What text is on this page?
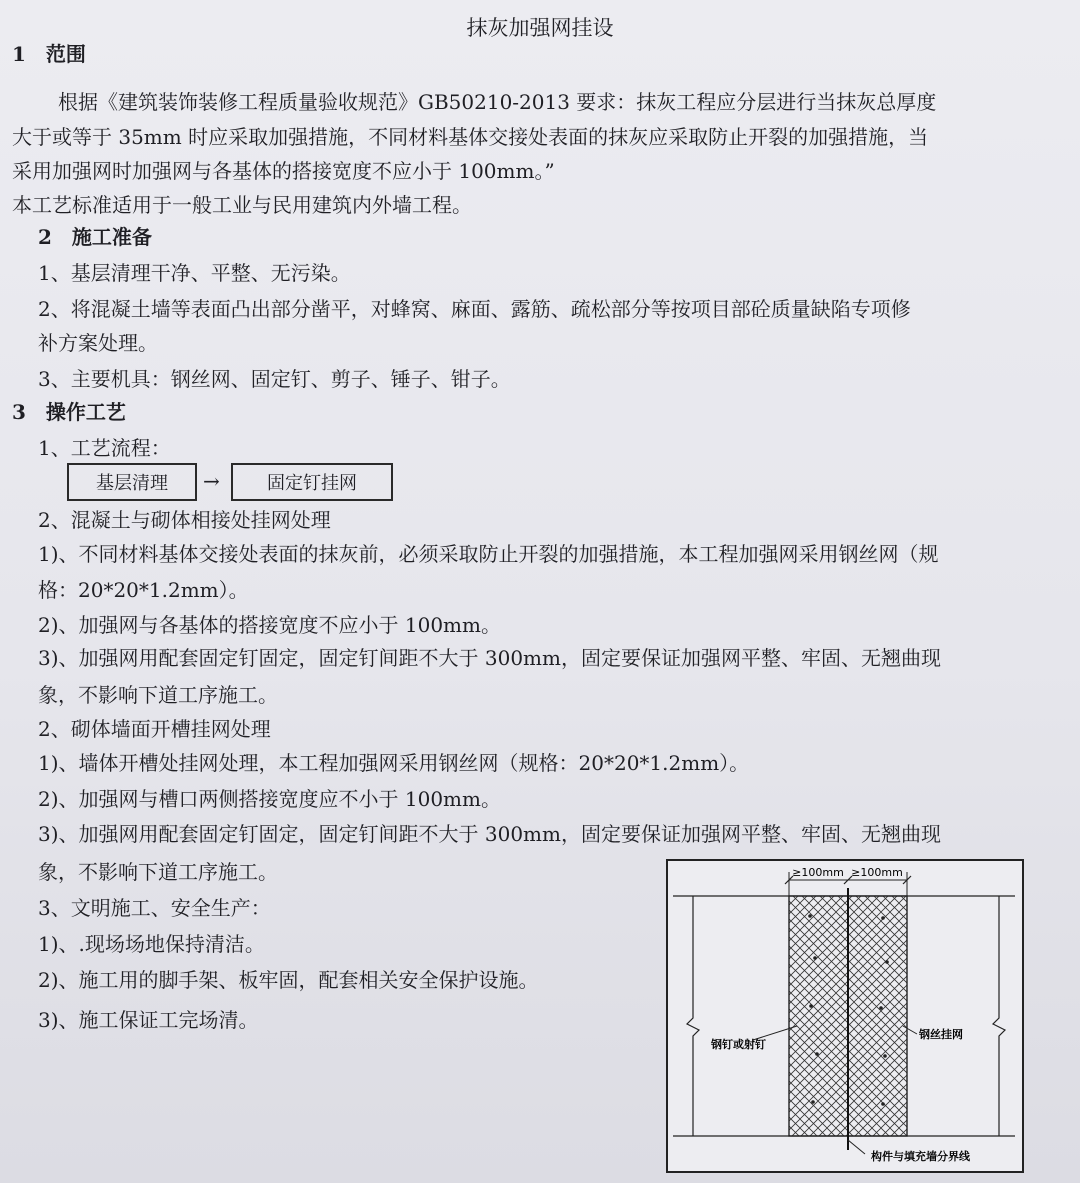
抹灰加强网挂设
1　范围
根据《建筑装饰装修工程质量验收规范》GB50210-2013 要求：抹灰工程应分层进行当抹灰总厚度
大于或等于 35mm 时应采取加强措施，不同材料基体交接处表面的抹灰应采取防止开裂的加强措施，当
采用加强网时加强网与各基体的搭接宽度不应小于 100mm。”
本工艺标准适用于一般工业与民用建筑内外墙工程。
2　施工准备
1、基层清理干净、平整、无污染。
2、将混凝土墙等表面凸出部分凿平，对蜂窝、麻面、露筋、疏松部分等按项目部砼质量缺陷专项修
补方案处理。
3、主要机具：钢丝网、固定钉、剪子、锤子、钳子。
3　操作工艺
1、工艺流程：
基层清理	→	固定钉挂网
2、混凝土与砌体相接处挂网处理
1)、不同材料基体交接处表面的抹灰前，必须采取防止开裂的加强措施，本工程加强网采用钢丝网（规
格：20*20*1.2mm）。
2)、加强网与各基体的搭接宽度不应小于 100mm。
3)、加强网用配套固定钉固定，固定钉间距不大于 300mm，固定要保证加强网平整、牢固、无翘曲现
象，不影响下道工序施工。
2、砌体墙面开槽挂网处理
1)、墙体开槽处挂网处理，本工程加强网采用钢丝网（规格：20*20*1.2mm）。
2)、加强网与槽口两侧搭接宽度应不小于 100mm。
3)、加强网用配套固定钉固定，固定钉间距不大于 300mm，固定要保证加强网平整、牢固、无翘曲现
象，不影响下道工序施工。
3、文明施工、安全生产：
1)、.现场场地保持清洁。
2)、施工用的脚手架、板牢固，配套相关安全保护设施。
3)、施工保证工完场清。
≥100mm ≥100mm
钢钉或射钉
钢丝挂网
构件与填充墙分界线
